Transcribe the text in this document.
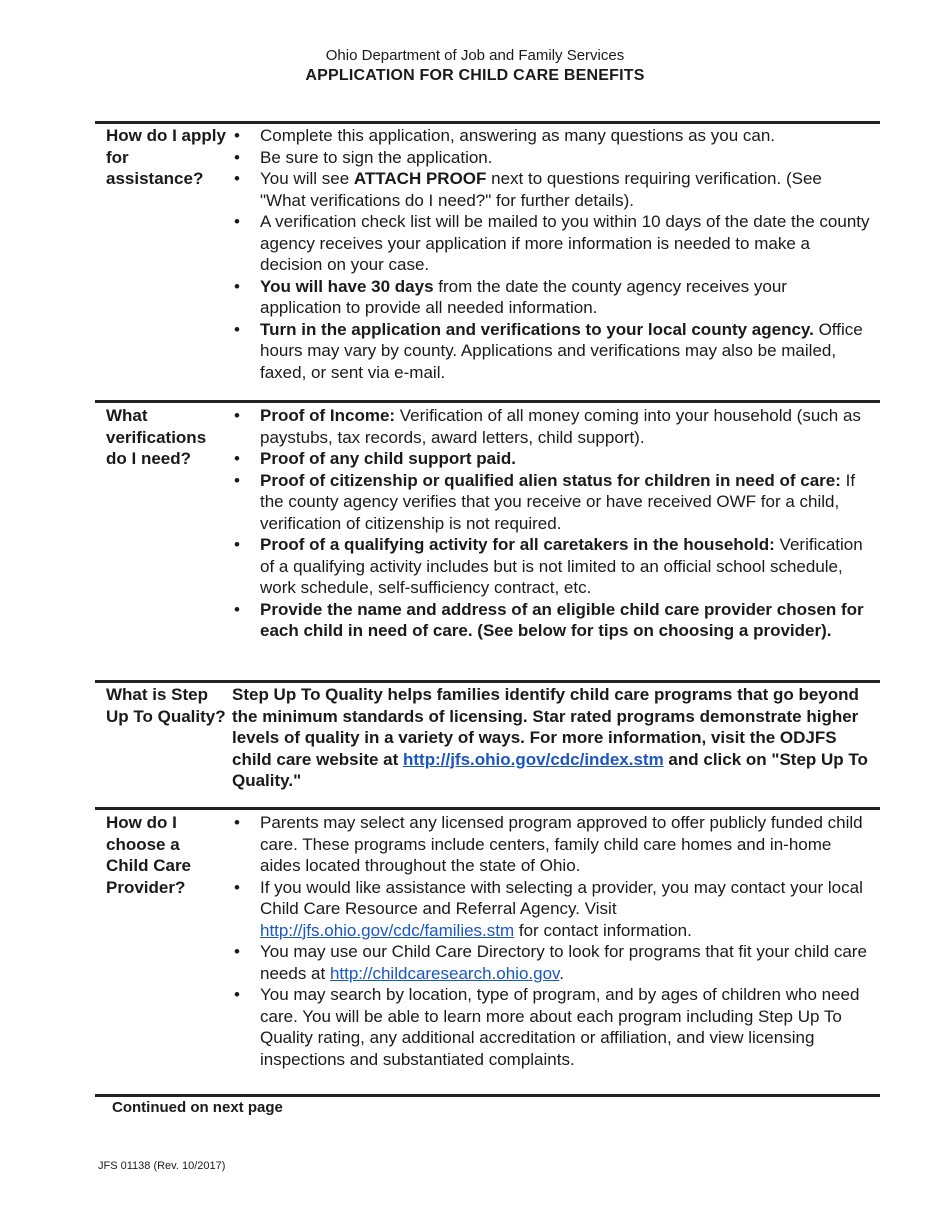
Ohio Department of Job and Family Services
APPLICATION FOR CHILD CARE BENEFITS
How do I apply for assistance?
• Complete this application, answering as many questions as you can.
• Be sure to sign the application.
• You will see ATTACH PROOF next to questions requiring verification. (See "What verifications do I need?" for further details).
• A verification check list will be mailed to you within 10 days of the date the county agency receives your application if more information is needed to make a decision on your case.
• You will have 30 days from the date the county agency receives your application to provide all needed information.
• Turn in the application and verifications to your local county agency. Office hours may vary by county. Applications and verifications may also be mailed, faxed, or sent via e-mail.
What verifications do I need?
• Proof of Income: Verification of all money coming into your household (such as paystubs, tax records, award letters, child support).
• Proof of any child support paid.
• Proof of citizenship or qualified alien status for children in need of care: If the county agency verifies that you receive or have received OWF for a child, verification of citizenship is not required.
• Proof of a qualifying activity for all caretakers in the household: Verification of a qualifying activity includes but is not limited to an official school schedule, work schedule, self-sufficiency contract, etc.
• Provide the name and address of an eligible child care provider chosen for each child in need of care. (See below for tips on choosing a provider).
What is Step Up To Quality?
Step Up To Quality helps families identify child care programs that go beyond the minimum standards of licensing. Star rated programs demonstrate higher levels of quality in a variety of ways. For more information, visit the ODJFS child care website at http://jfs.ohio.gov/cdc/index.stm and click on "Step Up To Quality."
How do I choose a Child Care Provider?
• Parents may select any licensed program approved to offer publicly funded child care. These programs include centers, family child care homes and in-home aides located throughout the state of Ohio.
• If you would like assistance with selecting a provider, you may contact your local Child Care Resource and Referral Agency. Visit http://jfs.ohio.gov/cdc/families.stm for contact information.
• You may use our Child Care Directory to look for programs that fit your child care needs at http://childcaresearch.ohio.gov.
• You may search by location, type of program, and by ages of children who need care. You will be able to learn more about each program including Step Up To Quality rating, any additional accreditation or affiliation, and view licensing inspections and substantiated complaints.
Continued on next page
JFS 01138 (Rev. 10/2017)
